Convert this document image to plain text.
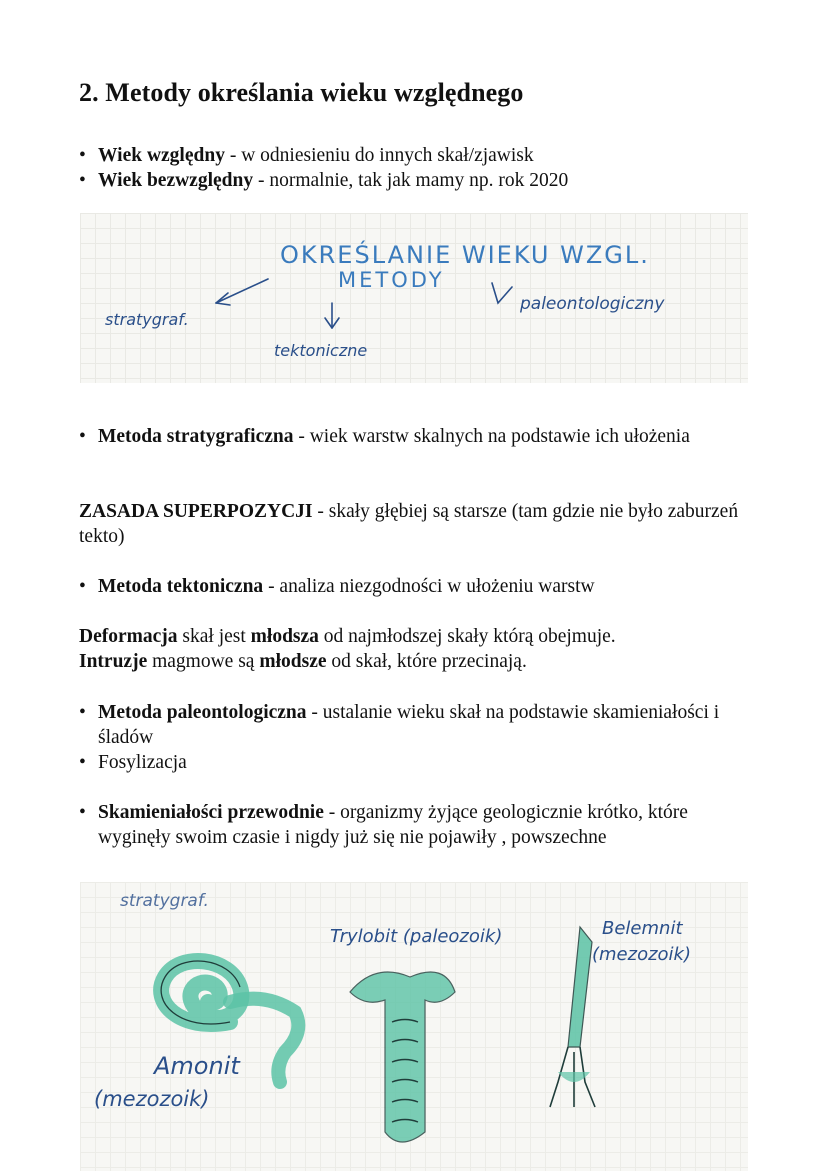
2. Metody określania wieku względnego
• Wiek względny - w odniesieniu do innych skał/zjawisk
• Wiek bezwzględny - normalnie, tak jak mamy np. rok 2020
OKREŚLANIE WIEKU WZGL.
METODY
stratygraf.
tektoniczne
paleontologiczny
• Metoda stratygraficzna - wiek warstw skalnych na podstawie ich ułożenia
ZASADA SUPERPOZYCJI - skały głębiej są starsze (tam gdzie nie było zaburzeń tekto)
• Metoda tektoniczna - analiza niezgodności w ułożeniu warstw
Deformacja skał jest młodsza od najmłodszej skały którą obejmuje.
Intruzje magmowe są młodsze od skał, które przecinają.
• Metoda paleontologiczna - ustalanie wieku skał na podstawie skamieniałości i śladów
• Fosylizacja
• Skamieniałości przewodnie - organizmy żyjące geologicznie krótko, które wyginęły swoim czasie i nigdy już się nie pojawiły , powszechne
stratygraf.
Amonit
(mezozoik)
Trylobit (paleozoik)	Belemnit
(mezozoik)
